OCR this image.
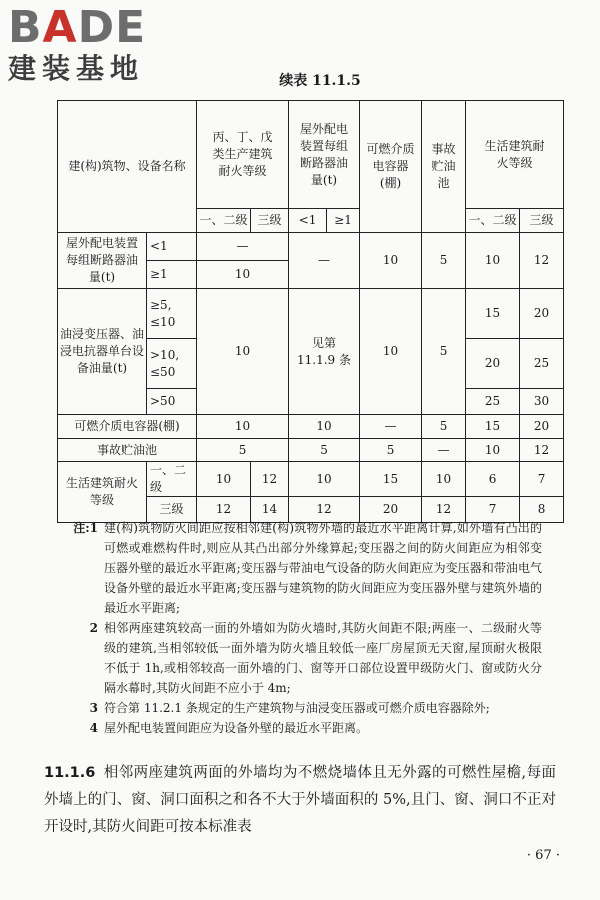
BADE
建装基地	续表 11.1.5
建(构)筑物、设备名称		丙、丁、戊类生产建筑耐火等级		屋外配电装置每组断路器油量(t)		可燃介质电容器(棚)	事故贮油池	生活建筑耐火等级	
		一、二级	三级	<1	≥1			一、二级	三级
屋外配电装置每组断路器油量(t)	<1	—		—		10	5	10	12
	≥1	10							
油浸变压器、油浸电抗器单台设备油量(t)	≥5, ≤10	10		见第 11.1.9 条		10	5	15	20
	>10, ≤50							20	25
	>50							25	30
可燃介质电容器(棚)		10		10		—	5	15	20
事故贮油池		5		5		5	—	10	12
生活建筑耐火等级	一、二级	10	12	10		15	10	6	7
	三级	12	14	12		20	12	7	8
注:1 建(构)筑物防火间距应按相邻建(构)筑物外墙的最近水平距离计算,如外墙有凸出的可燃或难燃构件时,则应从其凸出部分外缘算起;变压器之间的防火间距应为相邻变压器外壁的最近水平距离;变压器与带油电气设备的防火间距应为变压器和带油电气设备外壁的最近水平距离;变压器与建筑物的防火间距应为变压器外壁与建筑外墙的最近水平距离;
2 相邻两座建筑较高一面的外墙如为防火墙时,其防火间距不限;两座一、二级耐火等级的建筑,当相邻较低一面外墙为防火墙且较低一座厂房屋顶无天窗,屋顶耐火极限不低于 1h,或相邻较高一面外墙的门、窗等开口部位设置甲级防火门、窗或防火分隔水幕时,其防火间距不应小于 4m;
3 符合第 11.2.1 条规定的生产建筑物与油浸变压器或可燃介质电容器除外;
4 屋外配电装置间距应为设备外壁的最近水平距离。
11.1.6 相邻两座建筑两面的外墙均为不燃烧墙体且无外露的可燃性屋檐,每面外墙上的门、窗、洞口面积之和各不大于外墙面积的 5%,且门、窗、洞口不正对开设时,其防火间距可按本标准表
· 67 ·
